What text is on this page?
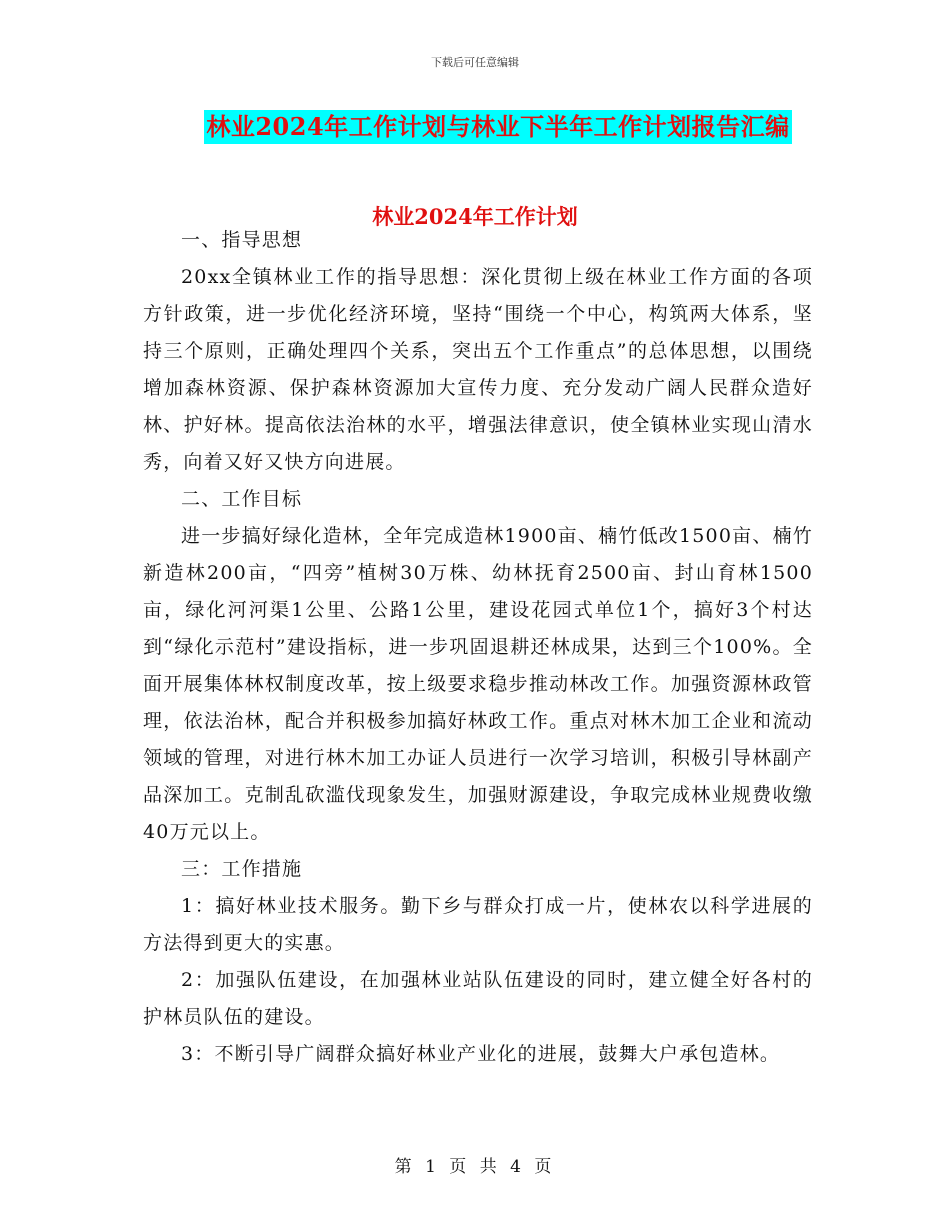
下载后可任意编辑
林业2024年工作计划与林业下半年工作计划报告汇编
林业2024年工作计划

一、指导思想

20xx全镇林业工作的指导思想：深化贯彻上级在林业工作方面的各项方针政策，进一步优化经济环境，坚持“围绕一个中心，构筑两大体系，坚持三个原则，正确处理四个关系，突出五个工作重点”的总体思想，以围绕增加森林资源、保护森林资源加大宣传力度、充分发动广阔人民群众造好林、护好林。提高依法治林的水平，增强法律意识，使全镇林业实现山清水秀，向着又好又快方向进展。

二、工作目标

进一步搞好绿化造林，全年完成造林1900亩、楠竹低改1500亩、楠竹新造林200亩，“四旁”植树30万株、幼林抚育2500亩、封山育林1500亩，绿化河河渠1公里、公路1公里，建设花园式单位1个，搞好3个村达到“绿化示范村”建设指标，进一步巩固退耕还林成果，达到三个100%。全面开展集体林权制度改革，按上级要求稳步推动林改工作。加强资源林政管理，依法治林，配合并积极参加搞好林政工作。重点对林木加工企业和流动领域的管理，对进行林木加工办证人员进行一次学习培训，积极引导林副产品深加工。克制乱砍滥伐现象发生，加强财源建设，争取完成林业规费收缴40万元以上。

三：工作措施

1：搞好林业技术服务。勤下乡与群众打成一片，使林农以科学进展的方法得到更大的实惠。

2：加强队伍建设，在加强林业站队伍建设的同时，建立健全好各村的护林员队伍的建设。

3：不断引导广阔群众搞好林业产业化的进展，鼓舞大户承包造林。

第 1 页 共 4 页
